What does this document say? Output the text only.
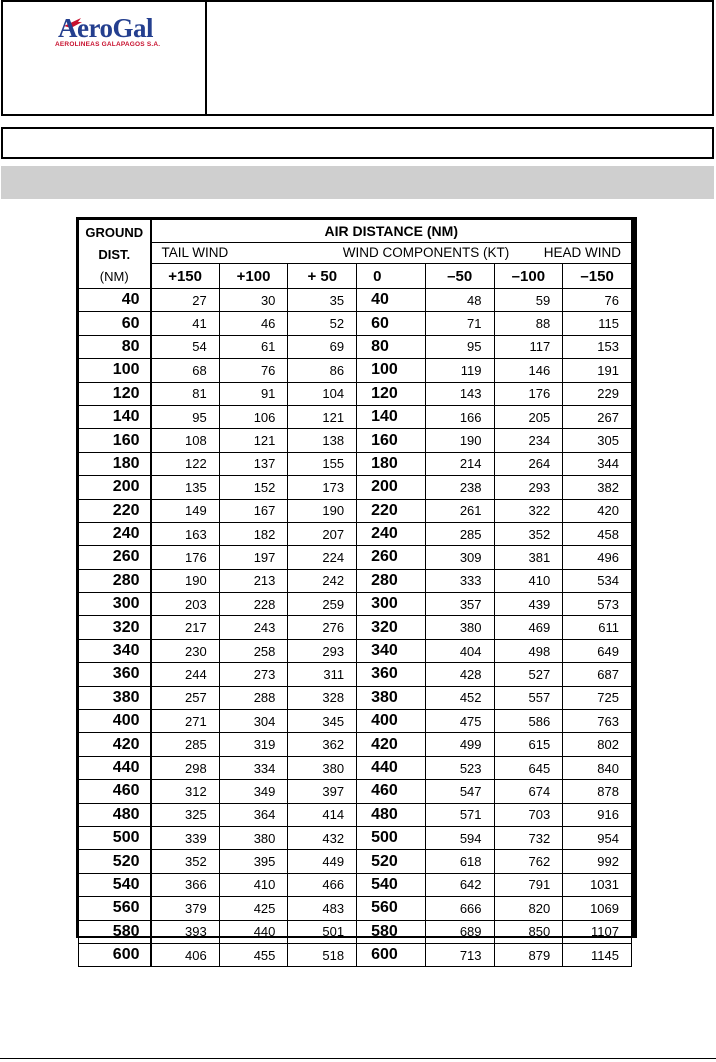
AeroGal
AEROLINEAS GALAPAGOS S.A.
GROUND
DIST.
(NM)	AIR DISTANCE (NM)						

	TAIL WIND WIND COMPONENTS (KT) HEAD WIND						

	+150	+100	+ 50	0	–50	–100	–150
40	27	30	35	40	48	59	76
60	41	46	52	60	71	88	115
80	54	61	69	80	95	117	153
100	68	76	86	100	119	146	191
120	81	91	104	120	143	176	229
140	95	106	121	140	166	205	267
160	108	121	138	160	190	234	305
180	122	137	155	180	214	264	344
200	135	152	173	200	238	293	382
220	149	167	190	220	261	322	420
240	163	182	207	240	285	352	458
260	176	197	224	260	309	381	496
280	190	213	242	280	333	410	534
300	203	228	259	300	357	439	573
320	217	243	276	320	380	469	611
340	230	258	293	340	404	498	649
360	244	273	311	360	428	527	687
380	257	288	328	380	452	557	725
400	271	304	345	400	475	586	763
420	285	319	362	420	499	615	802
440	298	334	380	440	523	645	840
460	312	349	397	460	547	674	878
480	325	364	414	480	571	703	916
500	339	380	432	500	594	732	954
520	352	395	449	520	618	762	992
540	366	410	466	540	642	791	1031
560	379	425	483	560	666	820	1069
580	393	440	501	580	689	850	1107
600	406	455	518	600	713	879	1145
